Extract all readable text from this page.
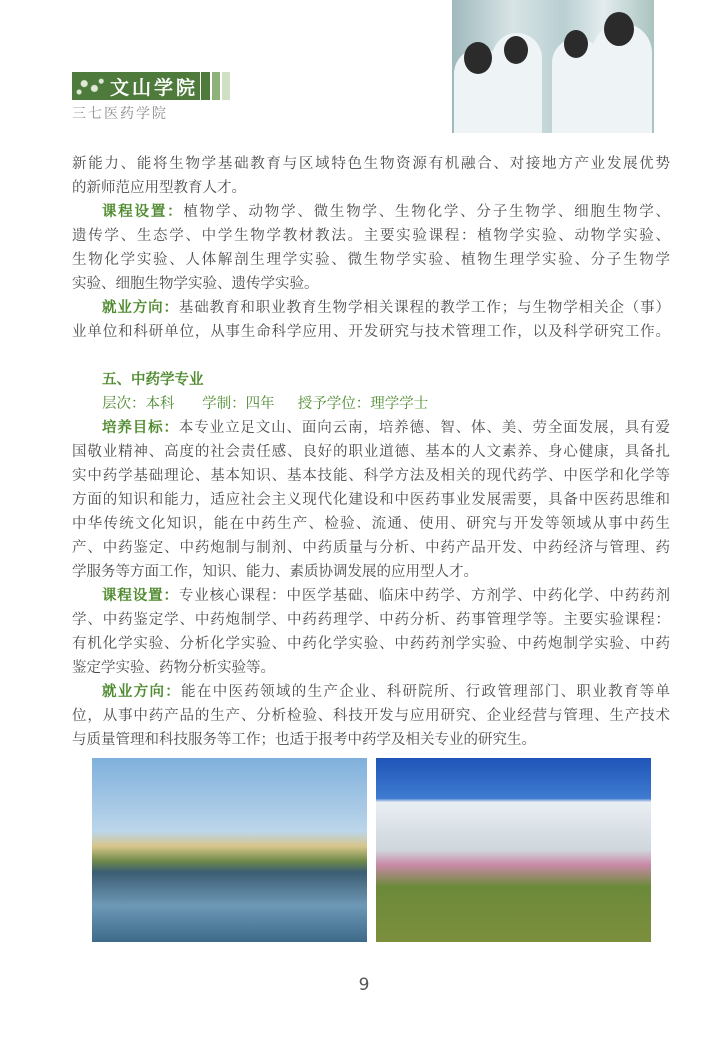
文山学院
三七医药学院
新能力、能将生物学基础教育与区域特色生物资源有机融合、对接地方产业发展优势
的新师范应用型教育人才。
课程设置：植物学、动物学、微生物学、生物化学、分子生物学、细胞生物学、
遗传学、生态学、中学生物学教材教法。主要实验课程：植物学实验、动物学实验、
生物化学实验、人体解剖生理学实验、微生物学实验、植物生理学实验、分子生物学
实验、细胞生物学实验、遗传学实验。
就业方向：基础教育和职业教育生物学相关课程的教学工作；与生物学相关企（事）
业单位和科研单位，从事生命科学应用、开发研究与技术管理工作，以及科学研究工作。
五、中药学专业
层次：本科      学制：四年     授予学位：理学学士
培养目标：本专业立足文山、面向云南，培养德、智、体、美、劳全面发展，具有爱
国敬业精神、高度的社会责任感、良好的职业道德、基本的人文素养、身心健康，具备扎
实中药学基础理论、基本知识、基本技能、科学方法及相关的现代药学、中医学和化学等
方面的知识和能力，适应社会主义现代化建设和中医药事业发展需要，具备中医药思维和
中华传统文化知识，能在中药生产、检验、流通、使用、研究与开发等领域从事中药生
产、中药鉴定、中药炮制与制剂、中药质量与分析、中药产品开发、中药经济与管理、药
学服务等方面工作，知识、能力、素质协调发展的应用型人才。
课程设置：专业核心课程：中医学基础、临床中药学、方剂学、中药化学、中药药剂
学、中药鉴定学、中药炮制学、中药药理学、中药分析、药事管理学等。主要实验课程：
有机化学实验、分析化学实验、中药化学实验、中药药剂学实验、中药炮制学实验、中药
鉴定学实验、药物分析实验等。
就业方向：能在中医药领域的生产企业、科研院所、行政管理部门、职业教育等单
位，从事中药产品的生产、分析检验、科技开发与应用研究、企业经营与管理、生产技术
与质量管理和科技服务等工作；也适于报考中药学及相关专业的研究生。
9
